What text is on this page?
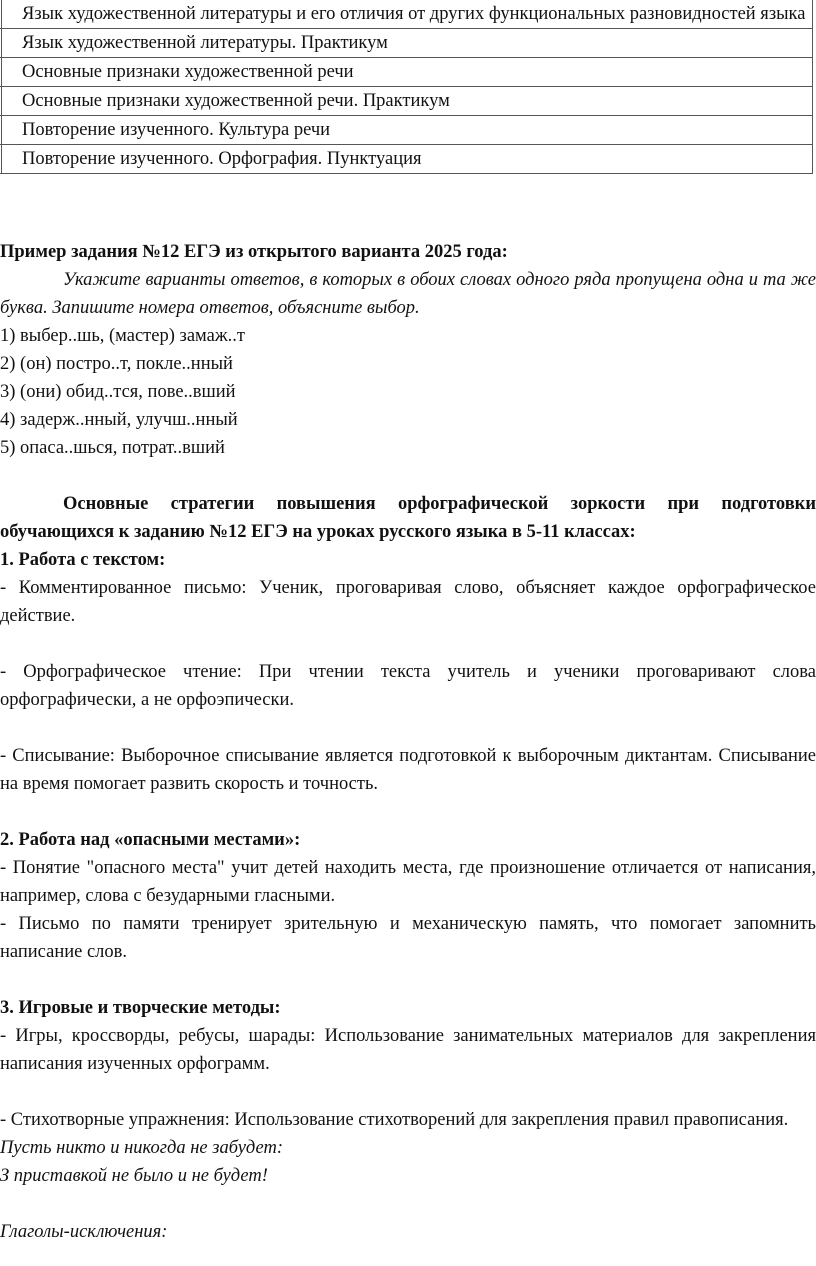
	Язык художественной литературы и его отличия от других функциональных разновидностей языка
	Язык художественной литературы. Практикум
	Основные признаки художественной речи
	Основные признаки художественной речи. Практикум
	Повторение изученного. Культура речи
	Повторение изученного. Орфография. Пунктуация

Пример задания №12 ЕГЭ из открытого варианта 2025 года:

Укажите варианты ответов, в которых в обоих словах одного ряда пропущена одна и та же буква. Запишите номера ответов, объясните выбор.

1) выбер..шь, (мастер) замаж..т

2) (он) постро..т, покле..нный

3) (они) обид..тся, пове..вший

4) задерж..нный, улучш..нный

5) опаса..шься, потрат..вший

Основные стратегии повышения орфографической зоркости при подготовки обучающихся к заданию №12 ЕГЭ на уроках русского языка в 5-11 классах:

1. Работа с текстом:

- Комментированное письмо: Ученик, проговаривая слово, объясняет каждое орфографическое действие.

- Орфографическое чтение: При чтении текста учитель и ученики проговаривают слова орфографически, а не орфоэпически.

- Списывание: Выборочное списывание является подготовкой к выборочным диктантам. Списывание на время помогает развить скорость и точность.

2. Работа над «опасными местами»:

- Понятие "опасного места" учит детей находить места, где произношение отличается от написания, например, слова с безударными гласными.

- Письмо по памяти тренирует зрительную и механическую память, что помогает запомнить написание слов.

3. Игровые и творческие методы:

- Игры, кроссворды, ребусы, шарады: Использование занимательных материалов для закрепления написания изученных орфограмм.

- Стихотворные упражнения: Использование стихотворений для закрепления правил правописания.

Пусть никто и никогда не забудет:

З приставкой не было и не будет!

Глаголы-исключения:
